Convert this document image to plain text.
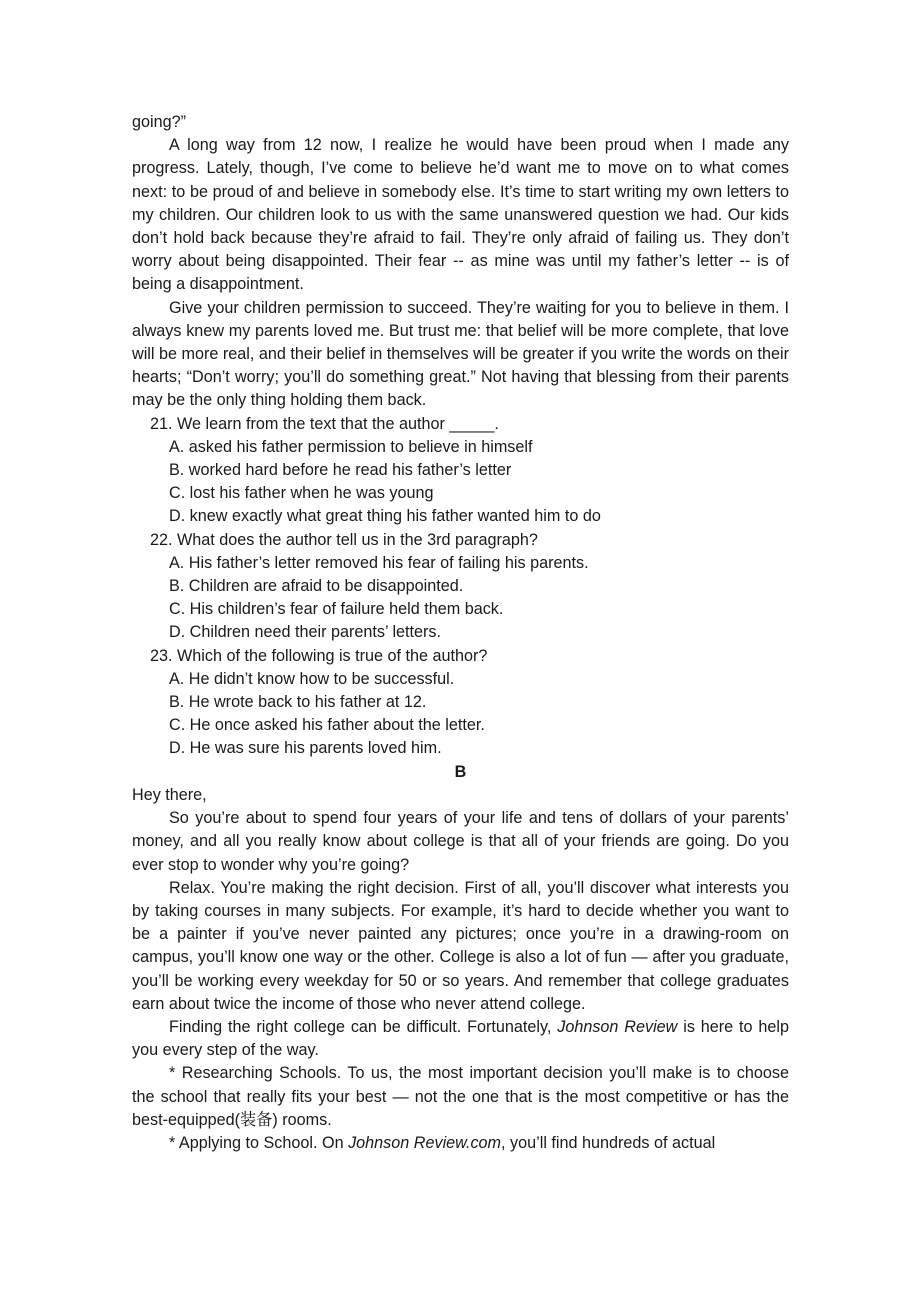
going?”

A long way from 12 now, I realize he would have been proud when I made any progress. Lately, though, I’ve come to believe he’d want me to move on to what comes next: to be proud of and believe in somebody else. It’s time to start writing my own letters to my children. Our children look to us with the same unanswered question we had. Our kids don’t hold back because they’re afraid to fail. They’re only afraid of failing us. They don’t worry about being disappointed. Their fear -- as mine was until my father’s letter -- is of being a disappointment.

Give your children permission to succeed. They’re waiting for you to believe in them. I always knew my parents loved me. But trust me: that belief will be more complete, that love will be more real, and their belief in themselves will be greater if you write the words on their hearts; “Don’t worry; you’ll do something great.” Not having that blessing from their parents may be the only thing holding them back.

21. We learn from the text that the author _____.

A. asked his father permission to believe in himself

B. worked hard before he read his father’s letter

C. lost his father when he was young

D. knew exactly what great thing his father wanted him to do

22. What does the author tell us in the 3rd paragraph?

A. His father’s letter removed his fear of failing his parents.

B. Children are afraid to be disappointed.

C. His children’s fear of failure held them back.

D. Children need their parents’ letters.

23. Which of the following is true of the author?

A. He didn’t know how to be successful.

B. He wrote back to his father at 12.

C. He once asked his father about the letter.

D. He was sure his parents loved him.

B

Hey there,

So you’re about to spend four years of your life and tens of dollars of your parents’ money, and all you really know about college is that all of your friends are going. Do you ever stop to wonder why you’re going?

Relax. You’re making the right decision. First of all, you’ll discover what interests you by taking courses in many subjects. For example, it’s hard to decide whether you want to be a painter if you’ve never painted any pictures; once you’re in a drawing-room on campus, you’ll know one way or the other. College is also a lot of fun — after you graduate, you’ll be working every weekday for 50 or so years. And remember that college graduates earn about twice the income of those who never attend college.

Finding the right college can be difficult. Fortunately, Johnson Review is here to help you every step of the way.

* Researching Schools. To us, the most important decision you’ll make is to choose the school that really fits your best — not the one that is the most competitive or has the best-equipped(装备) rooms.

* Applying to School. On Johnson Review.com, you’ll find hundreds of actual
